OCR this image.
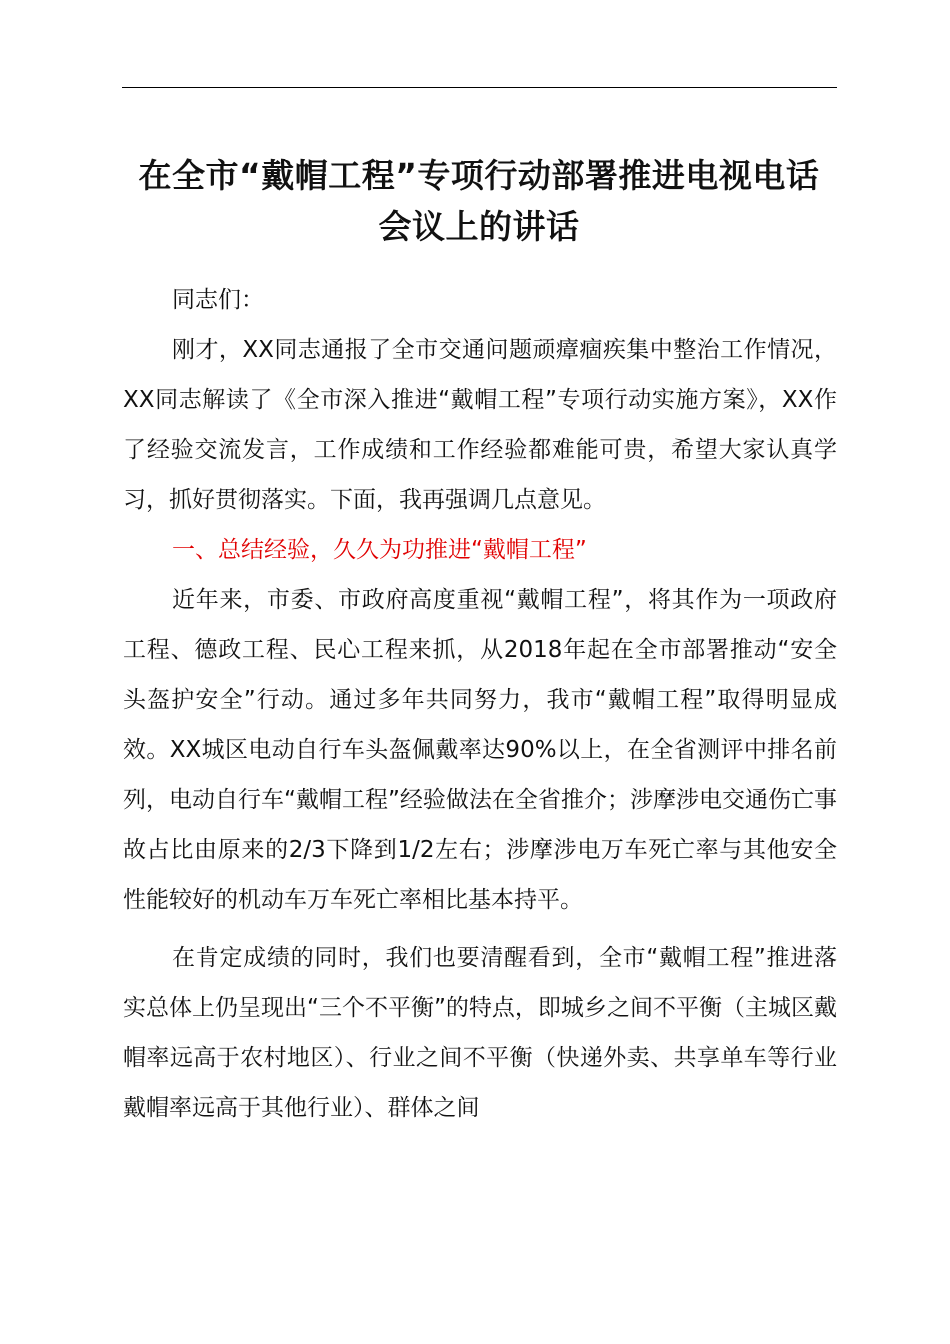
在全市“戴帽工程”专项行动部署推进电视电话
会议上的讲话

同志们：

刚才，XX同志通报了全市交通问题顽瘴痼疾集中整治工作情况，XX同志解读了《全市深入推进“戴帽工程”专项行动实施方案》，XX作了经验交流发言，工作成绩和工作经验都难能可贵，希望大家认真学习，抓好贯彻落实。下面，我再强调几点意见。

一、总结经验，久久为功推进“戴帽工程”

近年来，市委、市政府高度重视“戴帽工程”，将其作为一项政府工程、德政工程、民心工程来抓，从2018年起在全市部署推动“安全头盔护安全”行动。通过多年共同努力，我市“戴帽工程”取得明显成效。XX城区电动自行车头盔佩戴率达90%以上，在全省测评中排名前列，电动自行车“戴帽工程”经验做法在全省推介；涉摩涉电交通伤亡事故占比由原来的2/3下降到1/2左右；涉摩涉电万车死亡率与其他安全性能较好的机动车万车死亡率相比基本持平。

在肯定成绩的同时，我们也要清醒看到，全市“戴帽工程”推进落实总体上仍呈现出“三个不平衡”的特点，即城乡之间不平衡（主城区戴帽率远高于农村地区）、行业之间不平衡（快递外卖、共享单车等行业戴帽率远高于其他行业）、群体之间
